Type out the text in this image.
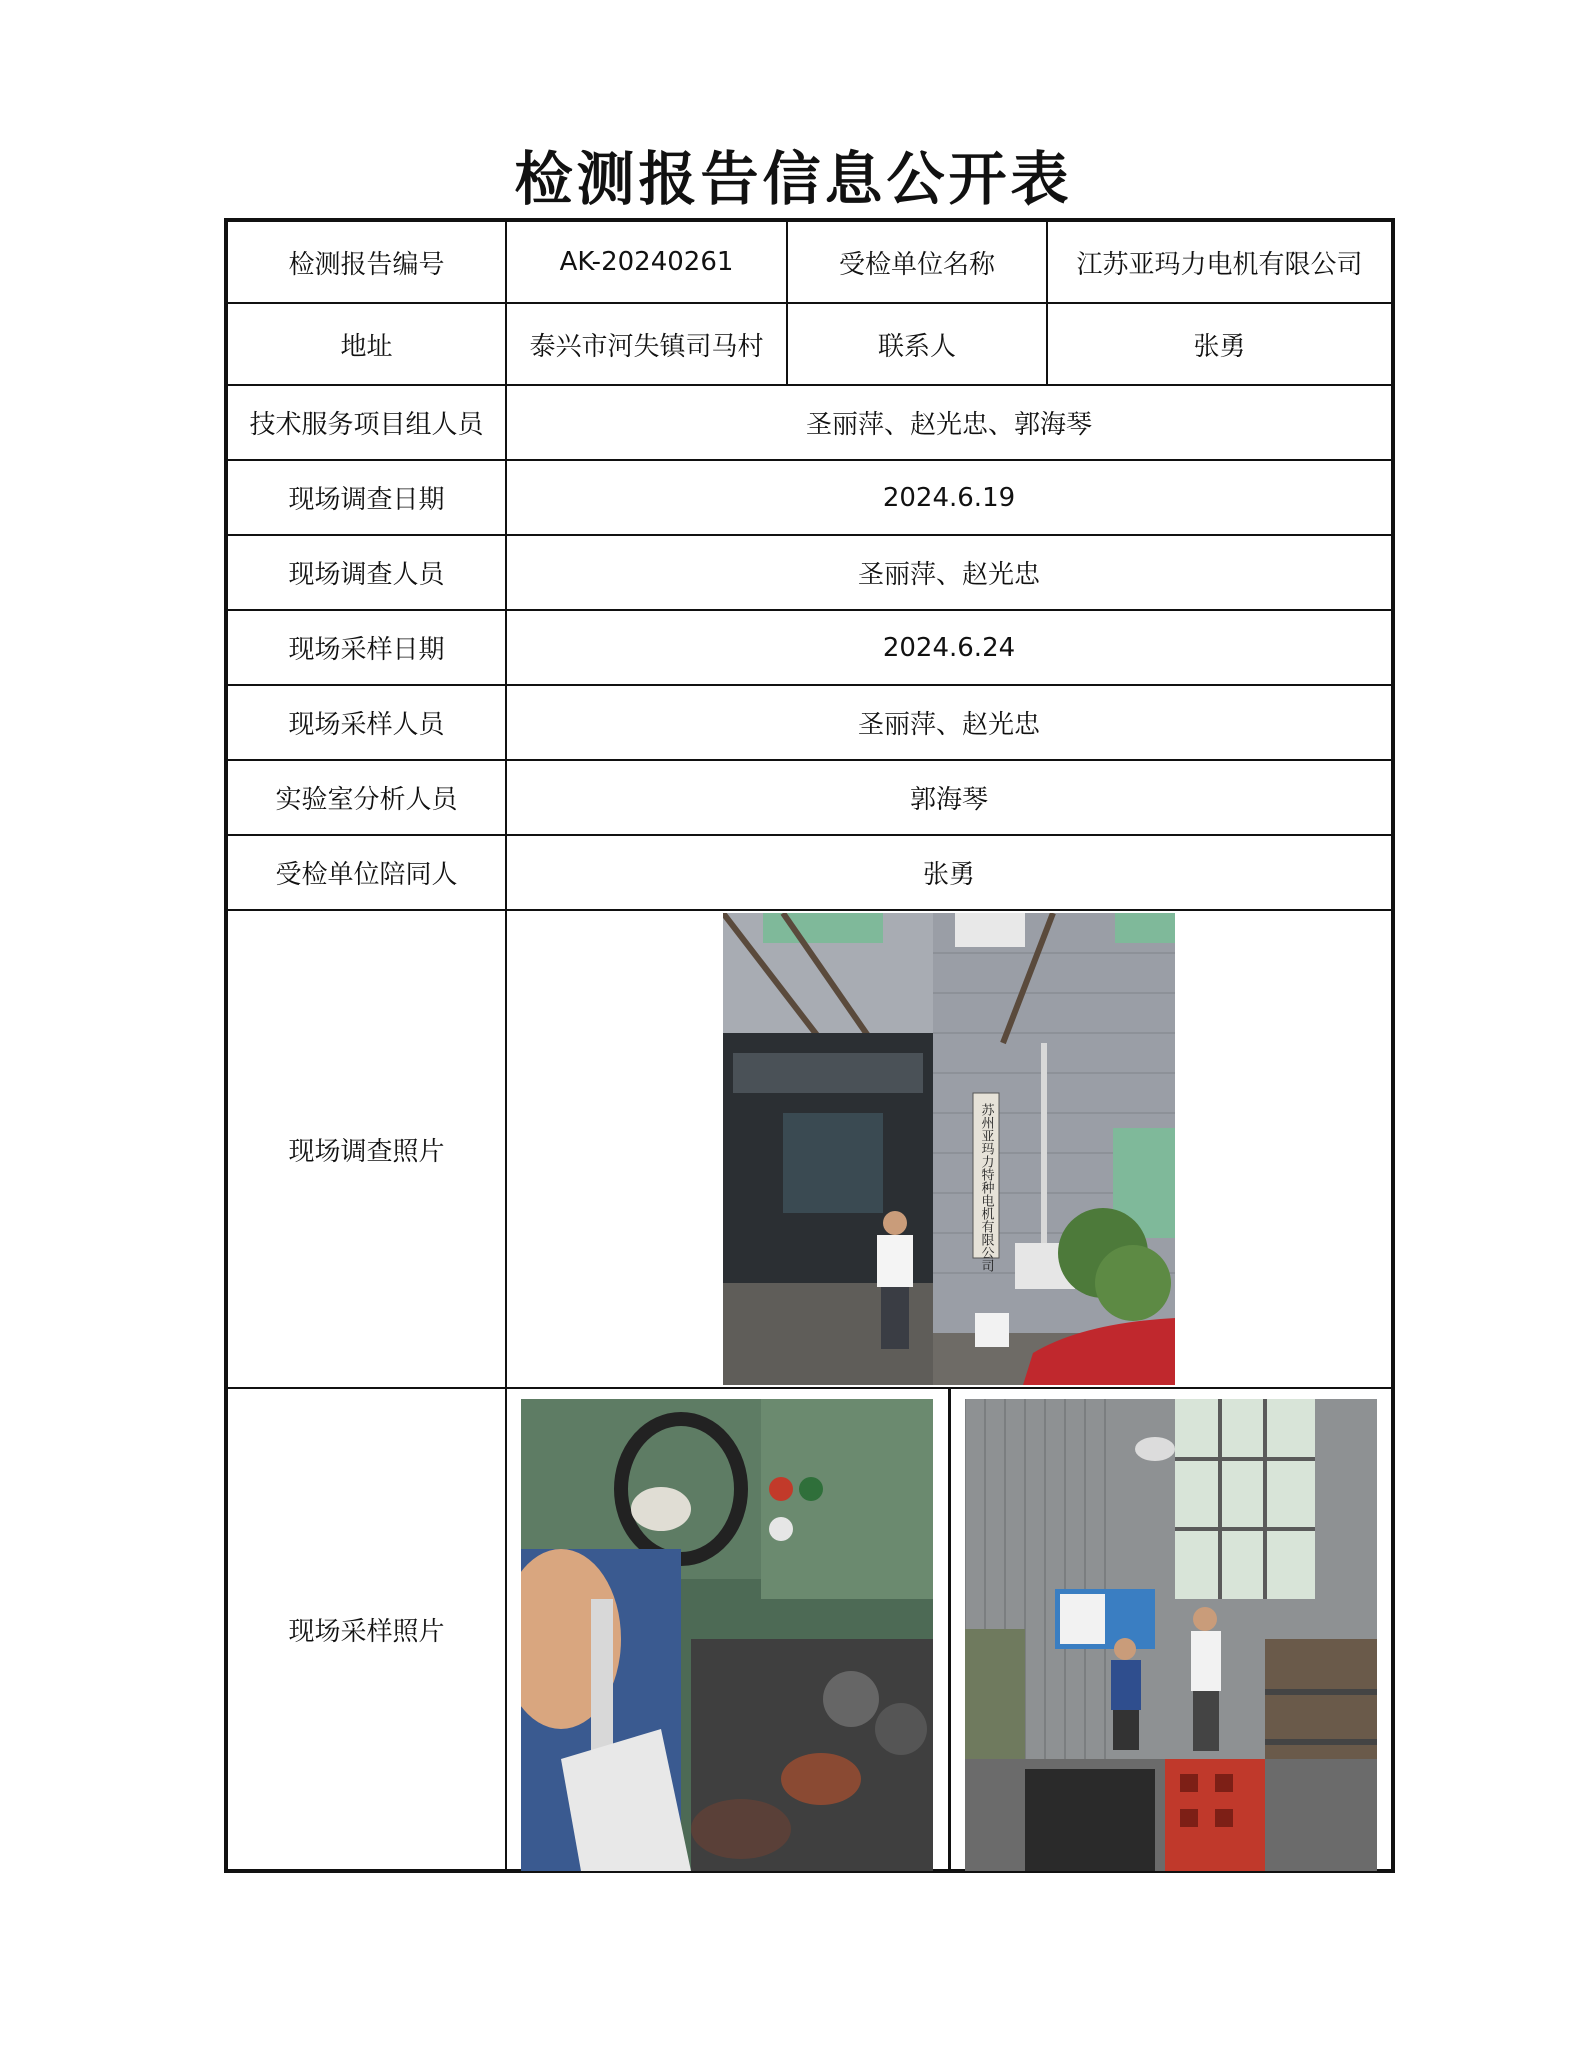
检测报告信息公开表
检测报告编号	AK-20240261	受检单位名称	江苏亚玛力电机有限公司
地址	泰兴市河失镇司马村	联系人	张勇
技术服务项目组人员	圣丽萍、赵光忠、郭海琴		
现场调查日期	2024.6.19		
现场调查人员	圣丽萍、赵光忠		
现场采样日期	2024.6.24		
现场采样人员	圣丽萍、赵光忠		
实验室分析人员	郭海琴		
受检单位陪同人	张勇		
现场调查照片	苏州亚玛力特种电机有限公司		

现场采样照片	
